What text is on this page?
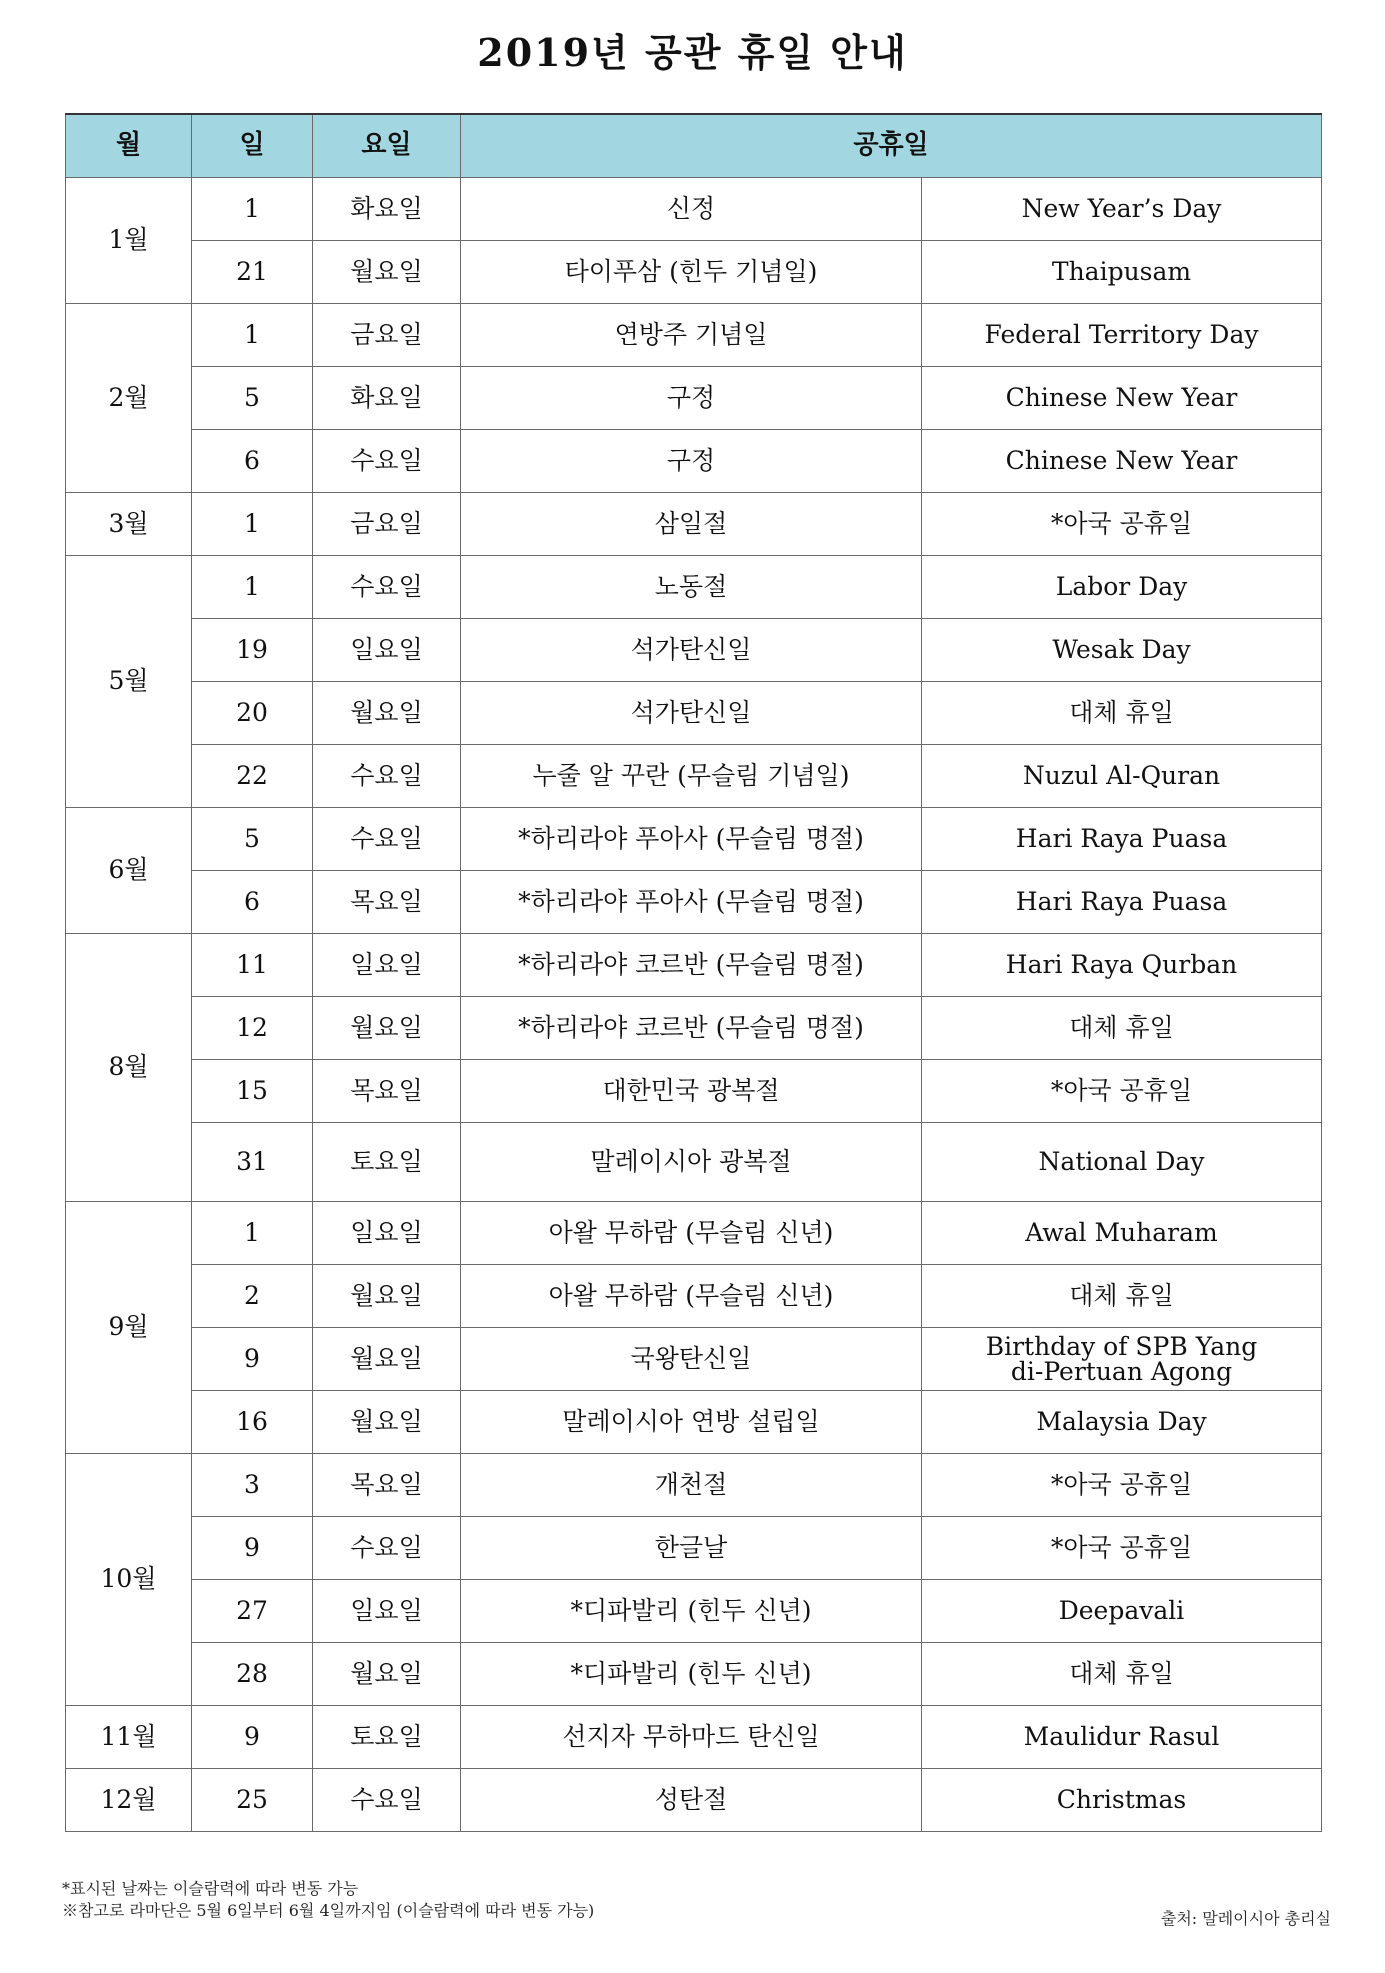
2019년 공관 휴일 안내
월	일	요일	공휴일	
1월	1	화요일	신정	New Year’s Day
	21	월요일	타이푸삼 (힌두 기념일)	Thaipusam
2월	1	금요일	연방주 기념일	Federal Territory Day
	5	화요일	구정	Chinese New Year
	6	수요일	구정	Chinese New Year
3월	1	금요일	삼일절	*아국 공휴일
5월	1	수요일	노동절	Labor Day
	19	일요일	석가탄신일	Wesak Day
	20	월요일	석가탄신일	대체 휴일
	22	수요일	누줄 알 꾸란 (무슬림 기념일)	Nuzul Al-Quran
6월	5	수요일	*하리라야 푸아사 (무슬림 명절)	Hari Raya Puasa
	6	목요일	*하리라야 푸아사 (무슬림 명절)	Hari Raya Puasa
8월	11	일요일	*하리라야 코르반 (무슬림 명절)	Hari Raya Qurban
	12	월요일	*하리라야 코르반 (무슬림 명절)	대체 휴일
	15	목요일	대한민국 광복절	*아국 공휴일
	31	토요일	말레이시아 광복절	National Day
9월	1	일요일	아왈 무하람 (무슬림 신년)	Awal Muharam
	2	월요일	아왈 무하람 (무슬림 신년)	대체 휴일
	9	월요일	국왕탄신일	Birthday of SPB Yang
di-Pertuan Agong
	16	월요일	말레이시아 연방 설립일	Malaysia Day
10월	3	목요일	개천절	*아국 공휴일
	9	수요일	한글날	*아국 공휴일
	27	일요일	*디파발리 (힌두 신년)	Deepavali
	28	월요일	*디파발리 (힌두 신년)	대체 휴일
11월	9	토요일	선지자 무하마드 탄신일	Maulidur Rasul
12월	25	수요일	성탄절	Christmas
*표시된 날짜는 이슬람력에 따라 변동 가능
※참고로 라마단은 5월 6일부터 6월 4일까지임 (이슬람력에 따라 변동 가능)	출처: 말레이시아 총리실
